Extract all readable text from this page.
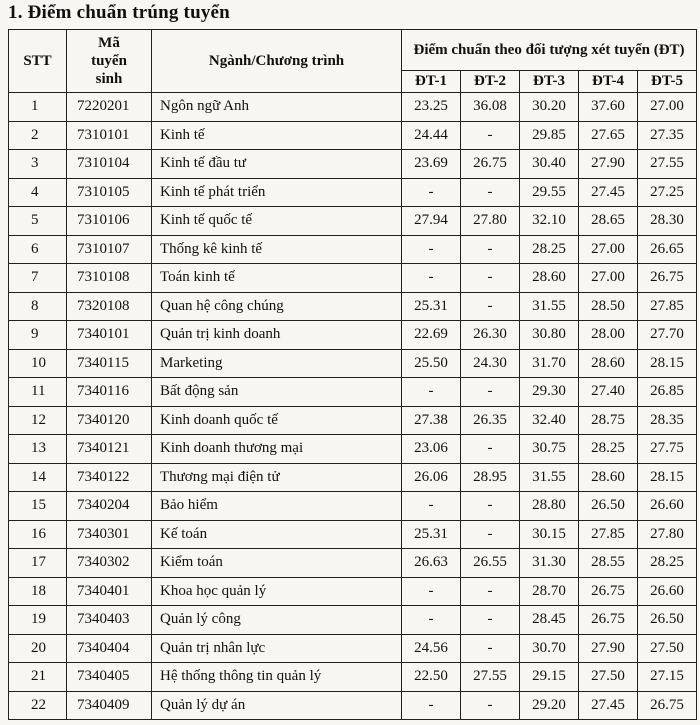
1. Điểm chuẩn trúng tuyển
STT	Mã
tuyển
sinh	Ngành/Chương trình	Điểm chuẩn theo đối tượng xét tuyển (ĐT)				
			ĐT-1	ĐT-2	ĐT-3	ĐT-4	ĐT-5
1	7220201	Ngôn ngữ Anh	23.25	36.08	30.20	37.60	27.00
2	7310101	Kinh tế	24.44	-	29.85	27.65	27.35
3	7310104	Kinh tế đầu tư	23.69	26.75	30.40	27.90	27.55
4	7310105	Kinh tế phát triển	-	-	29.55	27.45	27.25
5	7310106	Kinh tế quốc tế	27.94	27.80	32.10	28.65	28.30
6	7310107	Thống kê kinh tế	-	-	28.25	27.00	26.65
7	7310108	Toán kinh tế	-	-	28.60	27.00	26.75
8	7320108	Quan hệ công chúng	25.31	-	31.55	28.50	27.85
9	7340101	Quản trị kinh doanh	22.69	26.30	30.80	28.00	27.70
10	7340115	Marketing	25.50	24.30	31.70	28.60	28.15
11	7340116	Bất động sản	-	-	29.30	27.40	26.85
12	7340120	Kinh doanh quốc tế	27.38	26.35	32.40	28.75	28.35
13	7340121	Kinh doanh thương mại	23.06	-	30.75	28.25	27.75
14	7340122	Thương mại điện tử	26.06	28.95	31.55	28.60	28.15
15	7340204	Bảo hiểm	-	-	28.80	26.50	26.60
16	7340301	Kế toán	25.31	-	30.15	27.85	27.80
17	7340302	Kiểm toán	26.63	26.55	31.30	28.55	28.25
18	7340401	Khoa học quản lý	-	-	28.70	26.75	26.60
19	7340403	Quản lý công	-	-	28.45	26.75	26.50
20	7340404	Quản trị nhân lực	24.56	-	30.70	27.90	27.50
21	7340405	Hệ thống thông tin quản lý	22.50	27.55	29.15	27.50	27.15
22	7340409	Quản lý dự án	-	-	29.20	27.45	26.75
